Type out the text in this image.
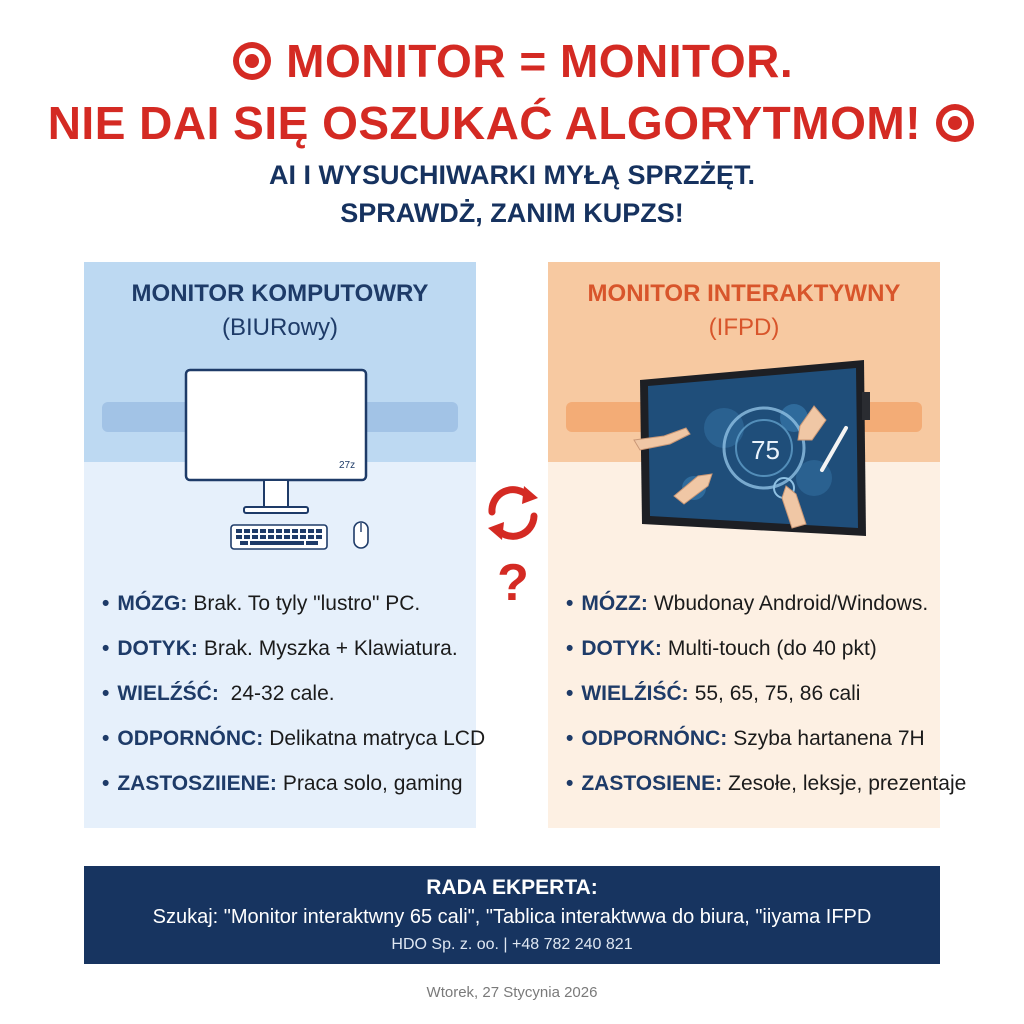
MONITOR = MONITOR.
NIE DAI SIĘ OSZUKAĆ ALGORYTMOM!
AI I WYSUCHIWARKI MYŁĄ SPRZŻĘT.
SPRAWDŻ, ZANIM KUPZS!
MONITOR KOMPUTOWRY
(BIURowy)
27z
• MÓZG: Brak. To tyly "lustro" PC.
• DOTYK: Brak. Myszka + Klawiatura.
• WIELŹŚĆ: 24-32 cale.
• ODPORNÓNC: Delikatna matryca LCD
• ZASTOSZIIENE: Praca solo, gaming
?
MONITOR INTERAKTYWNY
(IFPD)
75
• MÓZZ: Wbudonay Android/Windows.
• DOTYK: Multi-touch (do 40 pkt)
• WIELŹIŚĆ: 55, 65, 75, 86 cali
• ODPORNÓNC: Szyba hartanena 7H
• ZASTOSIENE: Zesołe, leksje, prezentaje
RADA EKPERTA:
Szukaj: "Monitor interaktwny 65 cali", "Tablica interaktwwa do biura, "iiyama IFPD
HDO Sp. z. oo. | +48 782 240 821
Wtorek, 27 Stycynia 2026
